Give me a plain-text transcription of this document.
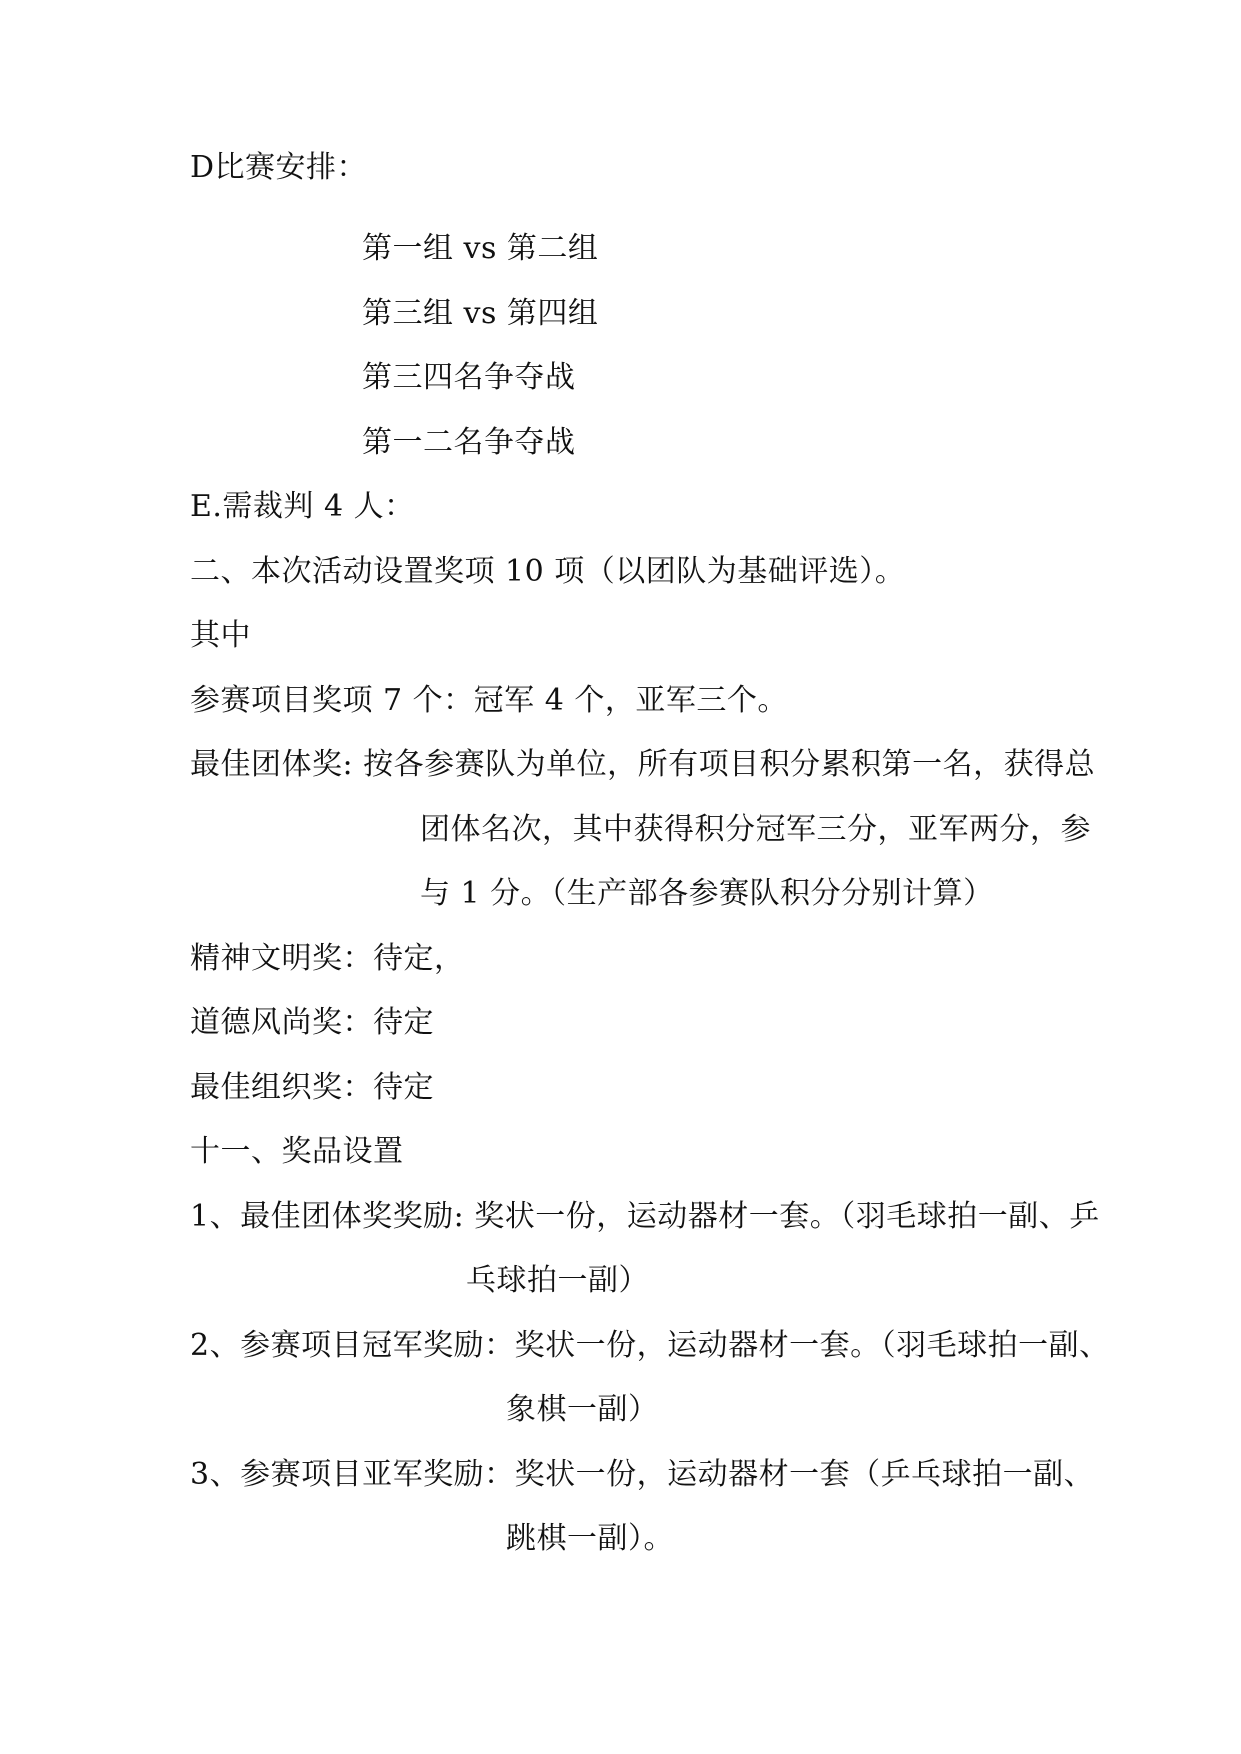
D比赛安排：
第一组 vs 第二组
第三组 vs 第四组
第三四名争夺战
第一二名争夺战
E.需裁判 4 人：
二、本次活动设置奖项 10 项（以团队为基础评选）。
其中
参赛项目奖项 7 个：冠军 4 个，亚军三个。
最佳团体奖: 按各参赛队为单位，所有项目积分累积第一名，获得总
团体名次，其中获得积分冠军三分，亚军两分，参
与 1 分。（生产部各参赛队积分分别计算）
精神文明奖：待定，
道德风尚奖：待定
最佳组织奖：待定
十一、奖品设置
1、最佳团体奖奖励: 奖状一份，运动器材一套。（羽毛球拍一副、乒
乓球拍一副）
2、参赛项目冠军奖励：奖状一份，运动器材一套。（羽毛球拍一副、
象棋一副）
3、参赛项目亚军奖励：奖状一份，运动器材一套（乒乓球拍一副、
跳棋一副）。
